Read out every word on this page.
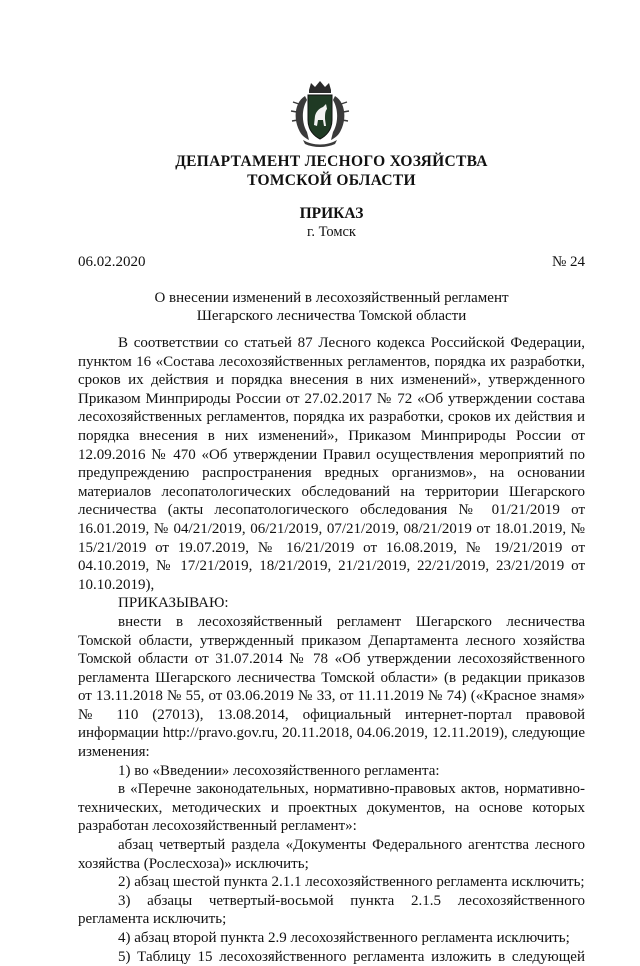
ДЕПАРТАМЕНТ ЛЕСНОГО ХОЗЯЙСТВА
ТОМСКОЙ ОБЛАСТИ
ПРИКАЗ
г. Томск
06.02.2020	№ 24
О внесении изменений в лесохозяйственный регламент
Шегарского лесничества Томской области

В соответствии со статьей 87 Лесного кодекса Российской Федерации, пунктом 16 «Состава лесохозяйственных регламентов, порядка их разработки, сроков их действия и порядка внесения в них изменений», утвержденного Приказом Минприроды России от 27.02.2017 № 72 «Об утверждении состава лесохозяйственных регламентов, порядка их разработки, сроков их действия и порядка внесения в них изменений», Приказом Минприроды России от 12.09.2016 № 470 «Об утверждении Правил осуществления мероприятий по предупреждению распространения вредных организмов», на основании материалов лесопатологических обследований на территории Шегарского лесничества (акты лесопатологического обследования № 01/21/2019 от 16.01.2019, № 04/21/2019, 06/21/2019, 07/21/2019, 08/21/2019 от 18.01.2019, № 15/21/2019 от 19.07.2019, № 16/21/2019 от 16.08.2019, № 19/21/2019 от 04.10.2019, № 17/21/2019, 18/21/2019, 21/21/2019, 22/21/2019, 23/21/2019 от 10.10.2019),

ПРИКАЗЫВАЮ:

внести в лесохозяйственный регламент Шегарского лесничества Томской области, утвержденный приказом Департамента лесного хозяйства Томской области от 31.07.2014 № 78 «Об утверждении лесохозяйственного регламента Шегарского лесничества Томской области» (в редакции приказов от 13.11.2018 № 55, от 03.06.2019 № 33, от 11.11.2019 № 74) («Красное знамя» № 110 (27013), 13.08.2014, официальный интернет-портал правовой информации http://pravo.gov.ru, 20.11.2018, 04.06.2019, 12.11.2019), следующие изменения:

1) во «Введении» лесохозяйственного регламента:

в «Перечне законодательных, нормативно-правовых актов, нормативно-технических, методических и проектных документов, на основе которых разработан лесохозяйственный регламент»:

абзац четвертый раздела «Документы Федерального агентства лесного хозяйства (Рослесхоза)» исключить;

2) абзац шестой пункта 2.1.1 лесохозяйственного регламента исключить;

3) абзацы четвертый-восьмой пункта 2.1.5 лесохозяйственного регламента исключить;

4) абзац второй пункта 2.9 лесохозяйственного регламента исключить;

5) Таблицу 15 лесохозяйственного регламента изложить в следующей
